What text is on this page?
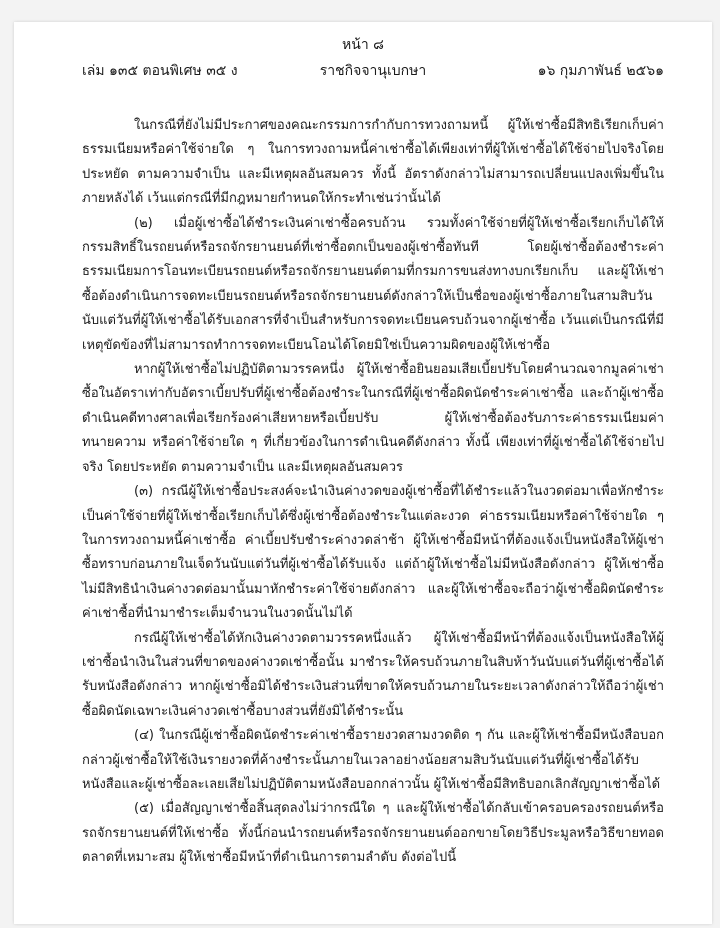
หน้า ๘
เล่ม ๑๓๕ ตอนพิเศษ ๓๕ ง	ราชกิจจานุเบกษา	๑๖ กุมภาพันธ์ ๒๕๖๑

ในกรณีที่ยังไม่มีประกาศของคณะกรรมการกำกับการทวงถามหนี้ ผู้ให้เช่าซื้อมีสิทธิเรียกเก็บค่าธรรมเนียมหรือค่าใช้จ่ายใด ๆ ในการทวงถามหนี้ค่าเช่าซื้อได้เพียงเท่าที่ผู้ให้เช่าซื้อได้ใช้จ่ายไปจริงโดยประหยัด ตามความจำเป็น และมีเหตุผลอันสมควร ทั้งนี้ อัตราดังกล่าวไม่สามารถเปลี่ยนแปลงเพิ่มขึ้นในภายหลังได้ เว้นแต่กรณีที่มีกฎหมายกำหนดให้กระทำเช่นว่านั้นได้

(๒) เมื่อผู้เช่าซื้อได้ชำระเงินค่าเช่าซื้อครบถ้วน รวมทั้งค่าใช้จ่ายที่ผู้ให้เช่าซื้อเรียกเก็บได้ให้กรรมสิทธิ์ในรถยนต์หรือรถจักรยานยนต์ที่เช่าซื้อตกเป็นของผู้เช่าซื้อทันที โดยผู้เช่าซื้อต้องชำระค่าธรรมเนียมการโอนทะเบียนรถยนต์หรือรถจักรยานยนต์ตามที่กรมการขนส่งทางบกเรียกเก็บ และผู้ให้เช่าซื้อต้องดำเนินการจดทะเบียนรถยนต์หรือรถจักรยานยนต์ดังกล่าวให้เป็นชื่อของผู้เช่าซื้อภายในสามสิบวันนับแต่วันที่ผู้ให้เช่าซื้อได้รับเอกสารที่จำเป็นสำหรับการจดทะเบียนครบถ้วนจากผู้เช่าซื้อ เว้นแต่เป็นกรณีที่มีเหตุขัดข้องที่ไม่สามารถทำการจดทะเบียนโอนได้โดยมิใช่เป็นความผิดของผู้ให้เช่าซื้อ

หากผู้ให้เช่าซื้อไม่ปฏิบัติตามวรรคหนึ่ง ผู้ให้เช่าซื้อยินยอมเสียเบี้ยปรับโดยคำนวณจากมูลค่าเช่าซื้อในอัตราเท่ากับอัตราเบี้ยปรับที่ผู้เช่าซื้อต้องชำระในกรณีที่ผู้เช่าซื้อผิดนัดชำระค่าเช่าซื้อ และถ้าผู้เช่าซื้อดำเนินคดีทางศาลเพื่อเรียกร้องค่าเสียหายหรือเบี้ยปรับ ผู้ให้เช่าซื้อต้องรับภาระค่าธรรมเนียมค่าทนายความ หรือค่าใช้จ่ายใด ๆ ที่เกี่ยวข้องในการดำเนินคดีดังกล่าว ทั้งนี้ เพียงเท่าที่ผู้เช่าซื้อได้ใช้จ่ายไปจริง โดยประหยัด ตามความจำเป็น และมีเหตุผลอันสมควร

(๓) กรณีผู้ให้เช่าซื้อประสงค์จะนำเงินค่างวดของผู้เช่าซื้อที่ได้ชำระแล้วในงวดต่อมาเพื่อหักชำระเป็นค่าใช้จ่ายที่ผู้ให้เช่าซื้อเรียกเก็บได้ซึ่งผู้เช่าซื้อต้องชำระในแต่ละงวด ค่าธรรมเนียมหรือค่าใช้จ่ายใด ๆ ในการทวงถามหนี้ค่าเช่าซื้อ ค่าเบี้ยปรับชำระค่างวดล่าช้า ผู้ให้เช่าซื้อมีหน้าที่ต้องแจ้งเป็นหนังสือให้ผู้เช่าซื้อทราบก่อนภายในเจ็ดวันนับแต่วันที่ผู้เช่าซื้อได้รับแจ้ง แต่ถ้าผู้ให้เช่าซื้อไม่มีหนังสือดังกล่าว ผู้ให้เช่าซื้อไม่มีสิทธินำเงินค่างวดต่อมานั้นมาหักชำระค่าใช้จ่ายดังกล่าว และผู้ให้เช่าซื้อจะถือว่าผู้เช่าซื้อผิดนัดชำระค่าเช่าซื้อที่นำมาชำระเต็มจำนวนในงวดนั้นไม่ได้

กรณีผู้ให้เช่าซื้อได้หักเงินค่างวดตามวรรคหนึ่งแล้ว ผู้ให้เช่าซื้อมีหน้าที่ต้องแจ้งเป็นหนังสือให้ผู้เช่าซื้อนำเงินในส่วนที่ขาดของค่างวดเช่าซื้อนั้น มาชำระให้ครบถ้วนภายในสิบห้าวันนับแต่วันที่ผู้เช่าซื้อได้รับหนังสือดังกล่าว หากผู้เช่าซื้อมิได้ชำระเงินส่วนที่ขาดให้ครบถ้วนภายในระยะเวลาดังกล่าวให้ถือว่าผู้เช่าซื้อผิดนัดเฉพาะเงินค่างวดเช่าซื้อบางส่วนที่ยังมิได้ชำระนั้น

(๔) ในกรณีผู้เช่าซื้อผิดนัดชำระค่าเช่าซื้อรายงวดสามงวดติด ๆ กัน และผู้ให้เช่าซื้อมีหนังสือบอกกล่าวผู้เช่าซื้อให้ใช้เงินรายงวดที่ค้างชำระนั้นภายในเวลาอย่างน้อยสามสิบวันนับแต่วันที่ผู้เช่าซื้อได้รับหนังสือและผู้เช่าซื้อละเลยเสียไม่ปฏิบัติตามหนังสือบอกกล่าวนั้น ผู้ให้เช่าซื้อมีสิทธิบอกเลิกสัญญาเช่าซื้อได้

(๕) เมื่อสัญญาเช่าซื้อสิ้นสุดลงไม่ว่ากรณีใด ๆ และผู้ให้เช่าซื้อได้กลับเข้าครอบครองรถยนต์หรือรถจักรยานยนต์ที่ให้เช่าซื้อ ทั้งนี้ก่อนนำรถยนต์หรือรถจักรยานยนต์ออกขายโดยวิธีประมูลหรือวิธีขายทอดตลาดที่เหมาะสม ผู้ให้เช่าซื้อมีหน้าที่ดำเนินการตามลำดับ ดังต่อไปนี้
